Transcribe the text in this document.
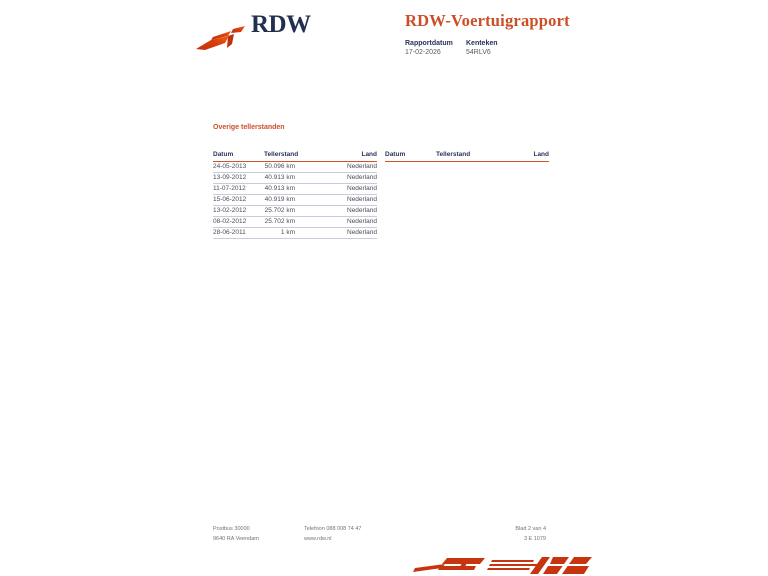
RDW	RDW-Voertuigrapport
Rapportdatum Kenteken
17-02-2026	54RLV6
Overige tellerstanden
Datum	Tellerstand	Land
24-05-2013	50.096 km	Nederland
13-09-2012	40.913 km	Nederland
11-07-2012	40.913 km	Nederland
15-06-2012	40.919 km	Nederland
13-02-2012	25.702 km	Nederland
08-02-2012	25.702 km	Nederland
28-06-2011	1 km	Nederland
Datum	Tellerstand	Land
Postbus 30000
9640 RA Veendam
Telefoon 088 008 74 47
www.rdw.nl
Blad 2 van 4
3 E 1079
